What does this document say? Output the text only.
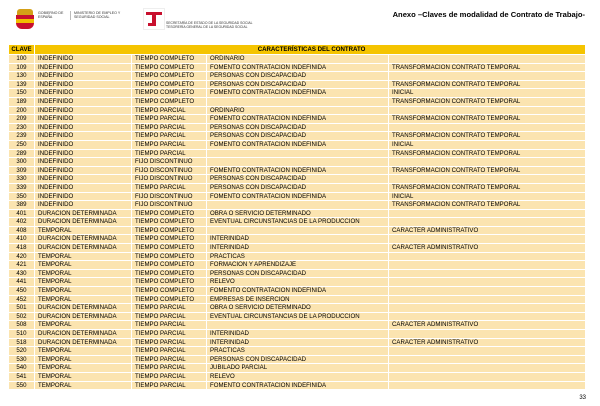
GOBIERNO DE ESPAÑA
MINISTERIO DE EMPLEO Y SEGURIDAD SOCIAL
SECRETARÍA DE ESTADO DE LA SEGURIDAD SOCIAL
TESORERÍA GENERAL DE LA SEGURIDAD SOCIAL
Anexo –Claves de modalidad de Contrato de Trabajo-
CLAVE	CARACTERÍSTICAS DEL CONTRATO			
100	INDEFINIDO	TIEMPO COMPLETO	ORDINARIO	
109	INDEFINIDO	TIEMPO COMPLETO	FOMENTO CONTRATACIÓN INDEFINIDA	TRANSFORMACIÓN CONTRATO TEMPORAL
130	INDEFINIDO	TIEMPO COMPLETO	PERSONAS CON DISCAPACIDAD	
139	INDEFINIDO	TIEMPO COMPLETO	PERSONAS CON DISCAPACIDAD	TRANSFORMACIÓN CONTRATO TEMPORAL
150	INDEFINIDO	TIEMPO COMPLETO	FOMENTO CONTRATACIÓN INDEFINIDA	INICIAL
189	INDEFINIDO	TIEMPO COMPLETO		TRANSFORMACIÓN CONTRATO TEMPORAL
200	INDEFINIDO	TIEMPO PARCIAL	ORDINARIO	
209	INDEFINIDO	TIEMPO PARCIAL	FOMENTO CONTRATACIÓN INDEFINIDA	TRANSFORMACIÓN CONTRATO TEMPORAL
230	INDEFINIDO	TIEMPO PARCIAL	PERSONAS CON DISCAPACIDAD	
239	INDEFINIDO	TIEMPO PARCIAL	PERSONAS CON DISCAPACIDAD	TRANSFORMACIÓN CONTRATO TEMPORAL
250	INDEFINIDO	TIEMPO PARCIAL	FOMENTO CONTRATACIÓN INDEFINIDA	INICIAL
289	INDEFINIDO	TIEMPO PARCIAL		TRANSFORMACIÓN CONTRATO TEMPORAL
300	INDEFINIDO	FIJO DISCONTINUO		
309	INDEFINIDO	FIJO DISCONTINUO	FOMENTO CONTRATACIÓN INDEFINIDA	TRANSFORMACIÓN CONTRATO TEMPORAL
330	INDEFINIDO	FIJO DISCONTINUO	PERSONAS CON DISCAPACIDAD	
339	INDEFINIDO	TIEMPO PARCIAL	PERSONAS CON DISCAPACIDAD	TRANSFORMACIÓN CONTRATO TEMPORAL
350	INDEFINIDO	FIJO DISCONTINUO	FOMENTO CONTRATACIÓN INDEFINIDA	INICIAL
389	INDEFINIDO	FIJO DISCONTINUO		TRANSFORMACIÓN CONTRATO TEMPORAL
401	DURACIÓN DETERMINADA	TIEMPO COMPLETO	OBRA O SERVICIO DETERMINADO	
402	DURACIÓN DETERMINADA	TIEMPO COMPLETO	EVENTUAL CIRCUNSTANCIAS DE LA PRODUCCIÓN	
408	TEMPORAL	TIEMPO COMPLETO		CARÁCTER ADMINISTRATIVO
410	DURACIÓN DETERMINADA	TIEMPO COMPLETO	INTERINIDAD	
418	DURACIÓN DETERMINADA	TIEMPO COMPLETO	INTERINIDAD	CARÁCTER ADMINISTRATIVO
420	TEMPORAL	TIEMPO COMPLETO	PRÁCTICAS	
421	TEMPORAL	TIEMPO COMPLETO	FORMACIÓN Y APRENDIZAJE	
430	TEMPORAL	TIEMPO COMPLETO	PERSONAS CON DISCAPACIDAD	
441	TEMPORAL	TIEMPO COMPLETO	RELEVO	
450	TEMPORAL	TIEMPO COMPLETO	FOMENTO CONTRATACIÓN INDEFINIDA	
452	TEMPORAL	TIEMPO COMPLETO	EMPRESAS DE INSERCIÓN	
501	DURACIÓN DETERMINADA	TIEMPO PARCIAL	OBRA O SERVICIO DETERMINADO	
502	DURACIÓN DETERMINADA	TIEMPO PARCIAL	EVENTUAL CIRCUNSTANCIAS DE LA PRODUCCIÓN	
508	TEMPORAL	TIEMPO PARCIAL		CARÁCTER ADMINISTRATIVO
510	DURACIÓN DETERMINADA	TIEMPO PARCIAL	INTERINIDAD	
518	DURACIÓN DETERMINADA	TIEMPO PARCIAL	INTERINIDAD	CARÁCTER ADMINISTRATIVO
520	TEMPORAL	TIEMPO PARCIAL	PRÁCTICAS	
530	TEMPORAL	TIEMPO PARCIAL	PERSONAS CON DISCAPACIDAD	
540	TEMPORAL	TIEMPO PARCIAL	JUBILADO PARCIAL	
541	TEMPORAL	TIEMPO PARCIAL	RELEVO	
550	TEMPORAL	TIEMPO PARCIAL	FOMENTO CONTRATACIÓN INDEFINIDA	
33
